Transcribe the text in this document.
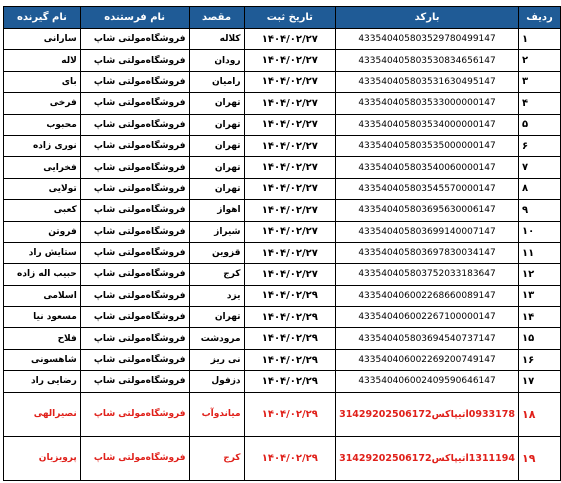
نام گیرنده	نام فرستنده	مقصد	تاریخ ثبت	بارکد	ردیف
سارانی	فروشگاه‌مولتی شاپ	کلاله	۱۴۰۴/۰۲/۲۷	433540405803529780499147	۱
لاله	فروشگاه‌مولتی شاپ	رودان	۱۴۰۴/۰۲/۲۷	433540405803530834656147	۲
بای	فروشگاه‌مولتی شاپ	رامیان	۱۴۰۴/۰۲/۲۷	433540405803531630495147	۳
فرخی	فروشگاه‌مولتی شاپ	تهران	۱۴۰۴/۰۲/۲۷	433540405803533000000147	۴
محبوب	فروشگاه‌مولتی شاپ	تهران	۱۴۰۴/۰۲/۲۷	433540405803534000000147	۵
نوری زاده	فروشگاه‌مولتی شاپ	تهران	۱۴۰۴/۰۲/۲۷	433540405803535000000147	۶
فخرایی	فروشگاه‌مولتی شاپ	تهران	۱۴۰۴/۰۲/۲۷	433540405803540060000147	۷
تولایی	فروشگاه‌مولتی شاپ	تهران	۱۴۰۴/۰۲/۲۷	433540405803545570000147	۸
کعبی	فروشگاه‌مولتی شاپ	اهواز	۱۴۰۴/۰۲/۲۷	433540405803695630006147	۹
فروتن	فروشگاه‌مولتی شاپ	شیراز	۱۴۰۴/۰۲/۲۷	433540405803699140007147	۱۰
ستایش راد	فروشگاه‌مولتی شاپ	قزوین	۱۴۰۴/۰۲/۲۷	433540405803697830034147	۱۱
حبیب اله زاده	فروشگاه‌مولتی شاپ	کرج	۱۴۰۴/۰۲/۲۷	433540405803752033183647	۱۲
اسلامی	فروشگاه‌مولتی شاپ	یزد	۱۴۰۴/۰۲/۲۹	433540406002268660089147	۱۳
مسعود نیا	فروشگاه‌مولتی شاپ	تهران	۱۴۰۴/۰۲/۲۹	433540406002267100000147	۱۴
فلاح	فروشگاه‌مولتی شاپ	مرودشت	۱۴۰۴/۰۲/۲۹	433540405803694540737147	۱۵
شاهسونی	فروشگاه‌مولتی شاپ	نی ریز	۱۴۰۴/۰۲/۲۹	433540406002269200749147	۱۶
رضایی راد	فروشگاه‌مولتی شاپ	دزفول	۱۴۰۴/۰۲/۲۹	433540406002409590646147	۱۷
نصیرالهی	فروشگاه‌مولتی شاپ	میاندوآب	۱۴۰۴/۰۲/۲۹	تیپاکس31429202506172l0933178	۱۸
پرویزیان	فروشگاه‌مولتی شاپ	کرج	۱۴۰۴/۰۲/۲۹	تیپاکس31429202506172l1311194	۱۹
